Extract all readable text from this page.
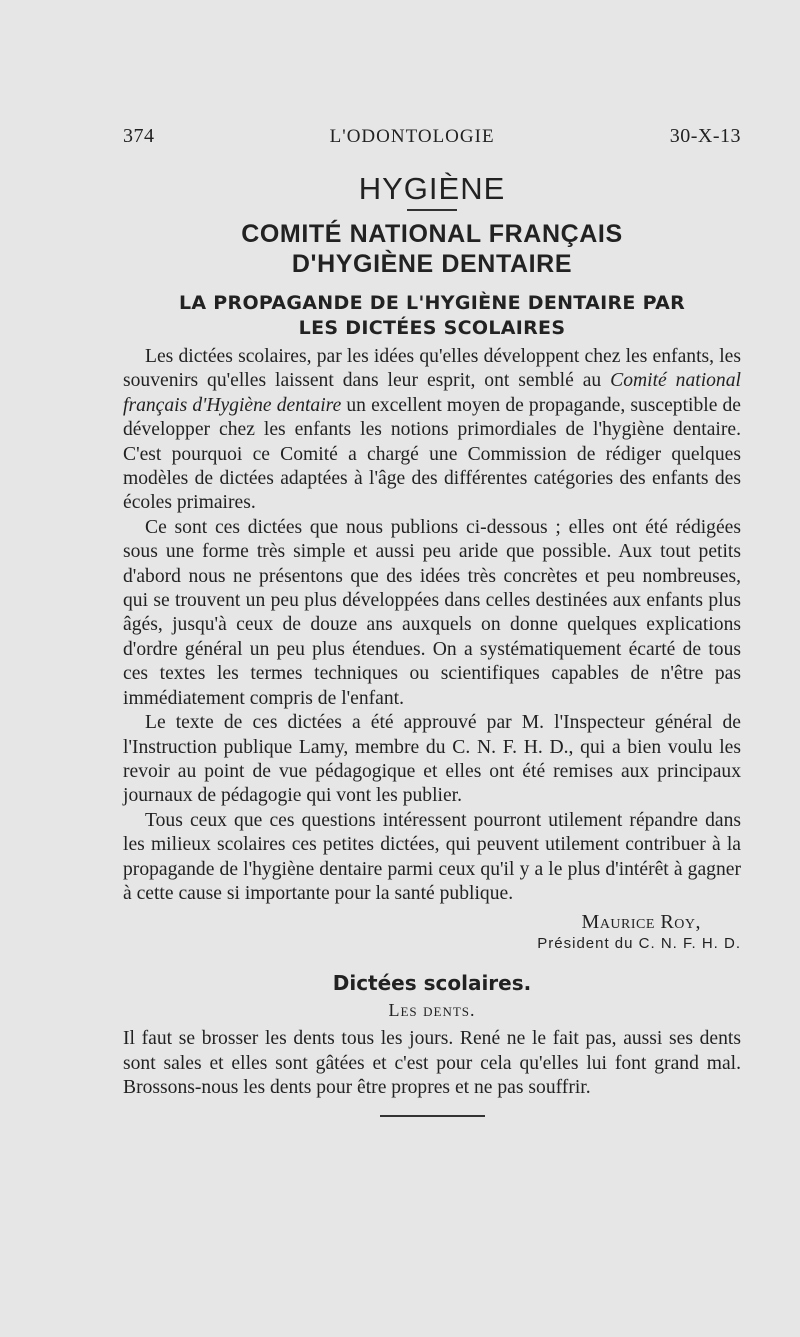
374	L'ODONTOLOGIE	30-X-13
HYGIÈNE
COMITÉ NATIONAL FRANÇAIS
D'HYGIÈNE DENTAIRE
LA PROPAGANDE DE L'HYGIÈNE DENTAIRE PAR
LES DICTÉES SCOLAIRES

Les dictées scolaires, par les idées qu'elles développent chez les enfants, les souvenirs qu'elles laissent dans leur esprit, ont semblé au Comité national français d'Hygiène dentaire un excellent moyen de propagande, susceptible de développer chez les enfants les notions primordiales de l'hygiène dentaire. C'est pourquoi ce Comité a chargé une Commission de rédiger quelques modèles de dictées adaptées à l'âge des différentes catégories des enfants des écoles primaires.

Ce sont ces dictées que nous publions ci-dessous ; elles ont été rédigées sous une forme très simple et aussi peu aride que possible. Aux tout petits d'abord nous ne présentons que des idées très concrètes et peu nombreuses, qui se trouvent un peu plus développées dans celles destinées aux enfants plus âgés, jusqu'à ceux de douze ans auxquels on donne quelques explications d'ordre général un peu plus étendues. On a systématiquement écarté de tous ces textes les termes techniques ou scientifiques capables de n'être pas immédiatement compris de l'enfant.

Le texte de ces dictées a été approuvé par M. l'Inspecteur général de l'Instruction publique Lamy, membre du C. N. F. H. D., qui a bien voulu les revoir au point de vue pédagogique et elles ont été remises aux principaux journaux de pédagogie qui vont les publier.

Tous ceux que ces questions intéressent pourront utilement répandre dans les milieux scolaires ces petites dictées, qui peuvent utilement contribuer à la propagande de l'hygiène dentaire parmi ceux qu'il y a le plus d'intérêt à gagner à cette cause si importante pour la santé publique.

Maurice Roy,
Président du C. N. F. H. D.
Dictées scolaires.
Les dents.

Il faut se brosser les dents tous les jours. René ne le fait pas, aussi ses dents sont sales et elles sont gâtées et c'est pour cela qu'elles lui font grand mal. Brossons-nous les dents pour être propres et ne pas souffrir.
